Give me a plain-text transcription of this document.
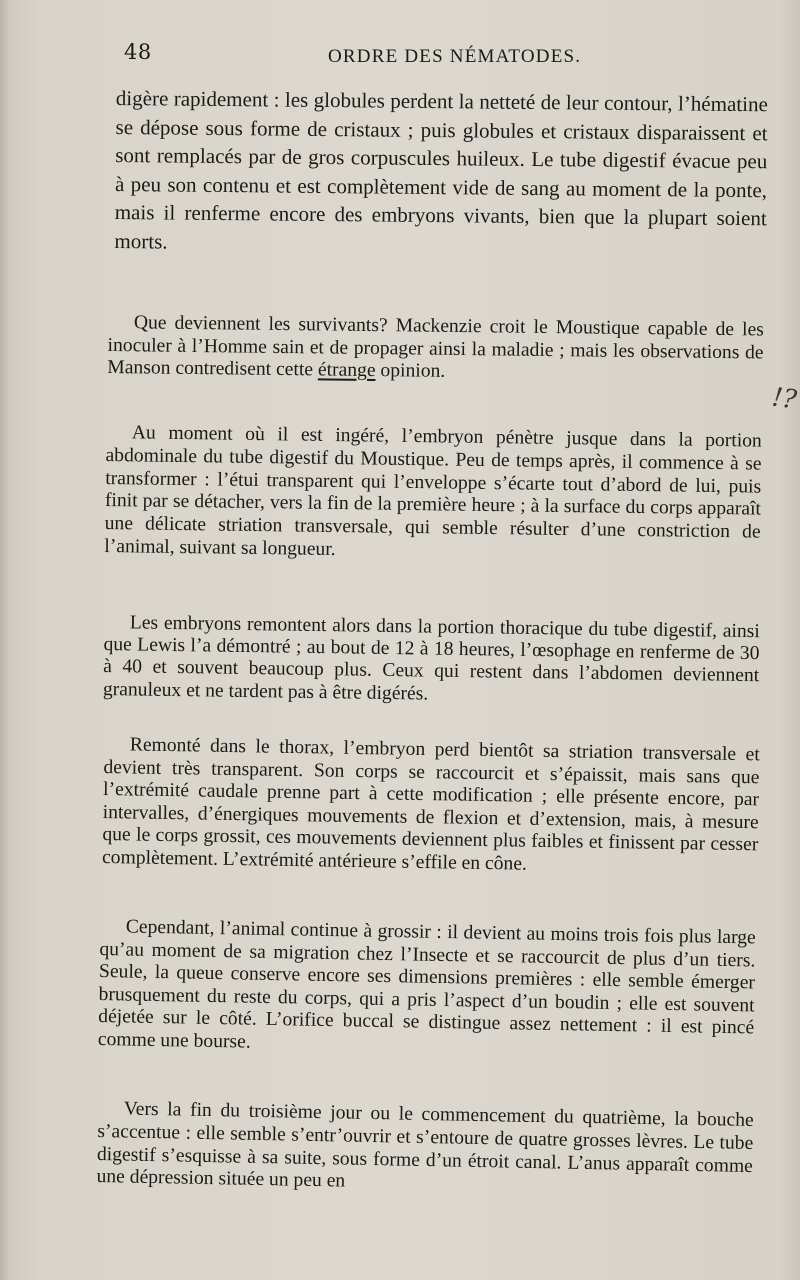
48	ORDRE DES NÉMATODES.

digère rapidement : les globules perdent la netteté de leur contour, l’hématine se dépose sous forme de cristaux ; puis globules et cristaux disparaissent et sont remplacés par de gros corpuscules huileux. Le tube digestif évacue peu à peu son contenu et est complètement vide de sang au moment de la ponte, mais il renferme encore des embryons vivants, bien que la plupart soient morts.

Que deviennent les survivants? Mackenzie croit le Moustique capable de les inoculer à l’Homme sain et de propager ainsi la maladie ; mais les observations de Manson contredisent cette étrange opinion.

!?

Au moment où il est ingéré, l’embryon pénètre jusque dans la portion abdominale du tube digestif du Moustique. Peu de temps après, il commence à se transformer : l’étui transparent qui l’enveloppe s’écarte tout d’abord de lui, puis finit par se détacher, vers la fin de la première heure ; à la surface du corps apparaît une délicate striation transversale, qui semble résulter d’une constriction de l’animal, suivant sa longueur.

Les embryons remontent alors dans la portion thoracique du tube digestif, ainsi que Lewis l’a démontré ; au bout de 12 à 18 heures, l’œsophage en renferme de 30 à 40 et souvent beaucoup plus. Ceux qui restent dans l’abdomen deviennent granuleux et ne tardent pas à être digérés.

Remonté dans le thorax, l’embryon perd bientôt sa striation transversale et devient très transparent. Son corps se raccourcit et s’épaissit, mais sans que l’extrémité caudale prenne part à cette modification ; elle présente encore, par intervalles, d’énergiques mouvements de flexion et d’extension, mais, à mesure que le corps grossit, ces mouvements deviennent plus faibles et finissent par cesser complètement. L’extrémité antérieure s’effile en cône.

Cependant, l’animal continue à grossir : il devient au moins trois fois plus large qu’au moment de sa migration chez l’Insecte et se raccourcit de plus d’un tiers. Seule, la queue conserve encore ses dimensions premières : elle semble émerger brusquement du reste du corps, qui a pris l’aspect d’un boudin ; elle est souvent déjetée sur le côté. L’orifice buccal se distingue assez nettement : il est pincé comme une bourse.

Vers la fin du troisième jour ou le commencement du quatrième, la bouche s’accentue : elle semble s’entr’ouvrir et s’entoure de quatre grosses lèvres. Le tube digestif s’esquisse à sa suite, sous forme d’un étroit canal. L’anus apparaît comme une dépression située un peu en
